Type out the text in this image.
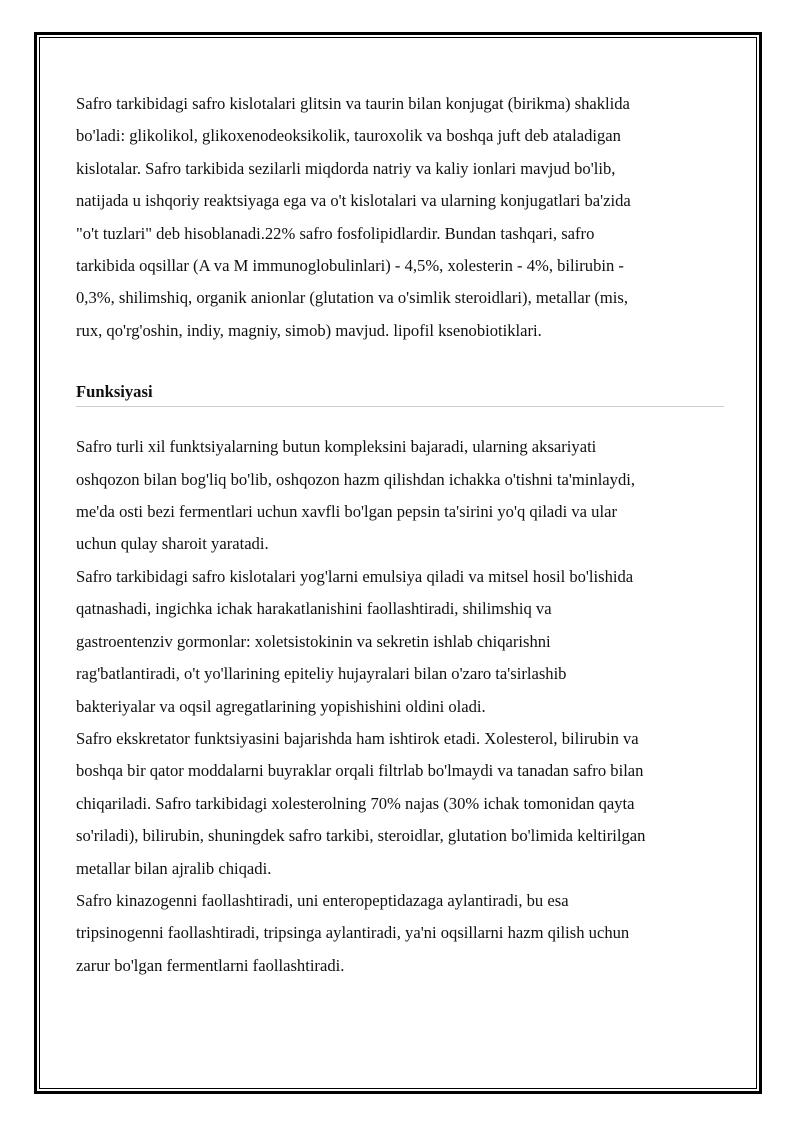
Safro tarkibidagi safro kislotalari glitsin va taurin bilan konjugat (birikma) shaklida

bo'ladi: glikolikol, glikoxenodeoksikolik, tauroxolik va boshqa juft deb ataladigan

kislotalar. Safro tarkibida sezilarli miqdorda natriy va kaliy ionlari mavjud bo'lib,

natijada u ishqoriy reaktsiyaga ega va o't kislotalari va ularning konjugatlari ba'zida

"o't tuzlari" deb hisoblanadi.22% safro fosfolipidlardir. Bundan tashqari, safro

tarkibida oqsillar (A va M immunoglobulinlari) - 4,5%, xolesterin - 4%, bilirubin -

0,3%, shilimshiq, organik anionlar (glutation va o'simlik steroidlari), metallar (mis,

rux, qo'rg'oshin, indiy, magniy, simob) mavjud. lipofil ksenobiotiklari.

Funksiyasi

Safro turli xil funktsiyalarning butun kompleksini bajaradi, ularning aksariyati

oshqozon bilan bog'liq bo'lib, oshqozon hazm qilishdan ichakka o'tishni ta'minlaydi,

me'da osti bezi fermentlari uchun xavfli bo'lgan pepsin ta'sirini yo'q qiladi va ular

uchun qulay sharoit yaratadi.

Safro tarkibidagi safro kislotalari yog'larni emulsiya qiladi va mitsel hosil bo'lishida

qatnashadi, ingichka ichak harakatlanishini faollashtiradi, shilimshiq va

gastroentenziv gormonlar: xoletsistokinin va sekretin ishlab chiqarishni

rag'batlantiradi, o't yo'llarining epiteliy hujayralari bilan o'zaro ta'sirlashib

bakteriyalar va oqsil agregatlarining yopishishini oldini oladi.

Safro ekskretator funktsiyasini bajarishda ham ishtirok etadi. Xolesterol, bilirubin va

boshqa bir qator moddalarni buyraklar orqali filtrlab bo'lmaydi va tanadan safro bilan

chiqariladi. Safro tarkibidagi xolesterolning 70% najas (30% ichak tomonidan qayta

so'riladi), bilirubin, shuningdek safro tarkibi, steroidlar, glutation bo'limida keltirilgan

metallar bilan ajralib chiqadi.

Safro kinazogenni faollashtiradi, uni enteropeptidazaga aylantiradi, bu esa

tripsinogenni faollashtiradi, tripsinga aylantiradi, ya'ni oqsillarni hazm qilish uchun

zarur bo'lgan fermentlarni faollashtiradi.
